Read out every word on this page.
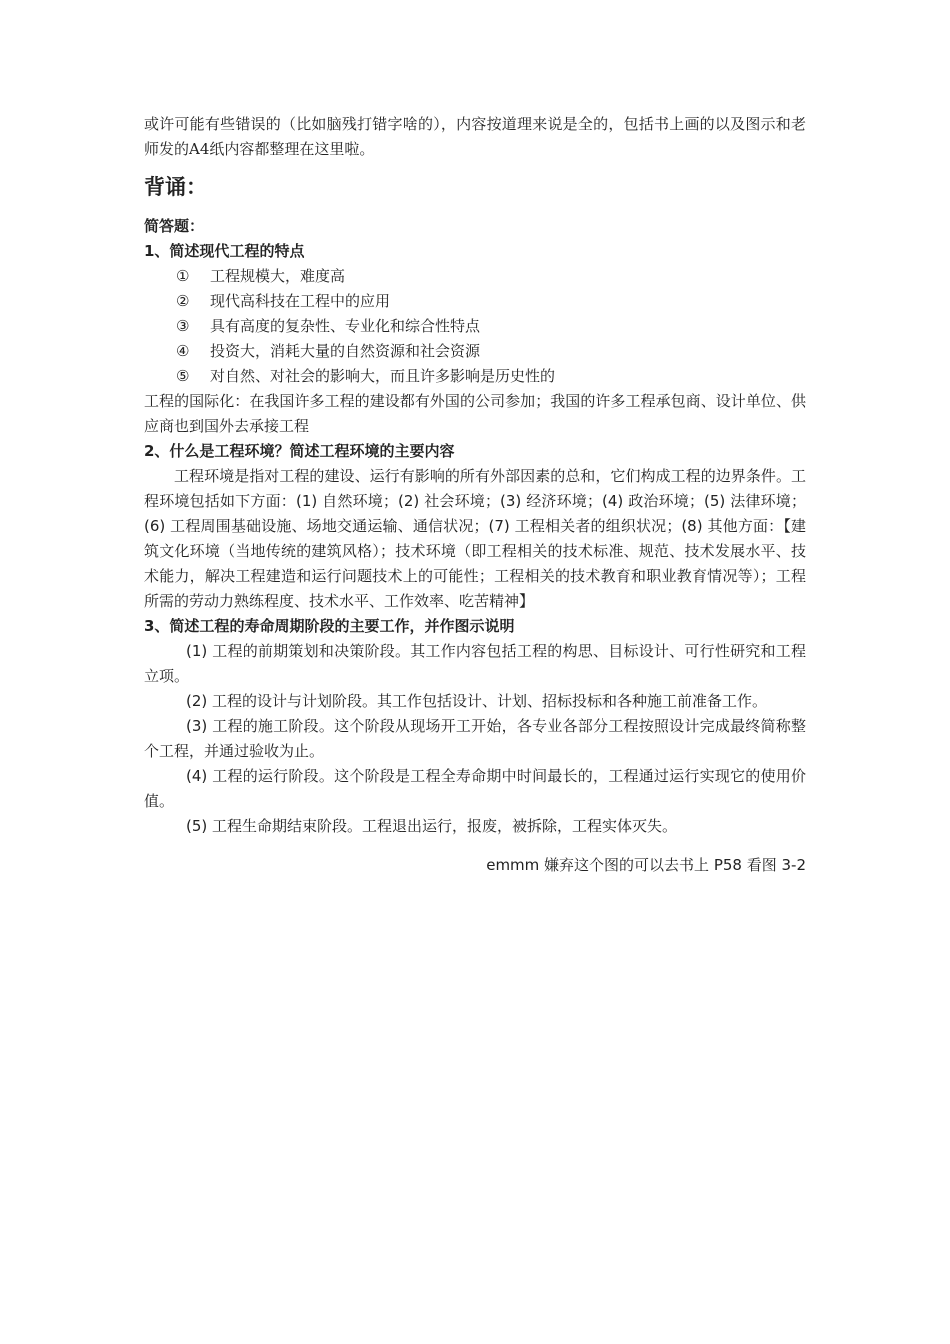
或许可能有些错误的（比如脑残打错字啥的），内容按道理来说是全的，包括书上画的以及图示和老师发的A4纸内容都整理在这里啦。

背诵：
简答题：
1、简述现代工程的特点
①	工程规模大，难度高
②	现代高科技在工程中的应用
③	具有高度的复杂性、专业化和综合性特点
④	投资大，消耗大量的自然资源和社会资源
⑤	对自然、对社会的影响大，而且许多影响是历史性的

工程的国际化：在我国许多工程的建设都有外国的公司参加；我国的许多工程承包商、设计单位、供应商也到国外去承接工程

2、什么是工程环境？简述工程环境的主要内容

工程环境是指对工程的建设、运行有影响的所有外部因素的总和，它们构成工程的边界条件。工程环境包括如下方面：(1) 自然环境；(2) 社会环境；(3) 经济环境；(4) 政治环境；(5) 法律环境；(6) 工程周围基础设施、场地交通运输、通信状况；(7) 工程相关者的组织状况；(8) 其他方面：【建筑文化环境（当地传统的建筑风格）；技术环境（即工程相关的技术标准、规范、技术发展水平、技术能力，解决工程建造和运行问题技术上的可能性；工程相关的技术教育和职业教育情况等）；工程所需的劳动力熟练程度、技术水平、工作效率、吃苦精神】

3、简述工程的寿命周期阶段的主要工作，并作图示说明

(1) 工程的前期策划和决策阶段。其工作内容包括工程的构思、目标设计、可行性研究和工程立项。

(2) 工程的设计与计划阶段。其工作包括设计、计划、招标投标和各种施工前准备工作。

(3) 工程的施工阶段。这个阶段从现场开工开始，各专业各部分工程按照设计完成最终简称整个工程，并通过验收为止。

(4) 工程的运行阶段。这个阶段是工程全寿命期中时间最长的，工程通过运行实现它的使用价值。

(5) 工程生命期结束阶段。工程退出运行，报废，被拆除，工程实体灭失。

emmm 嫌弃这个图的可以去书上 P58 看图 3-2
